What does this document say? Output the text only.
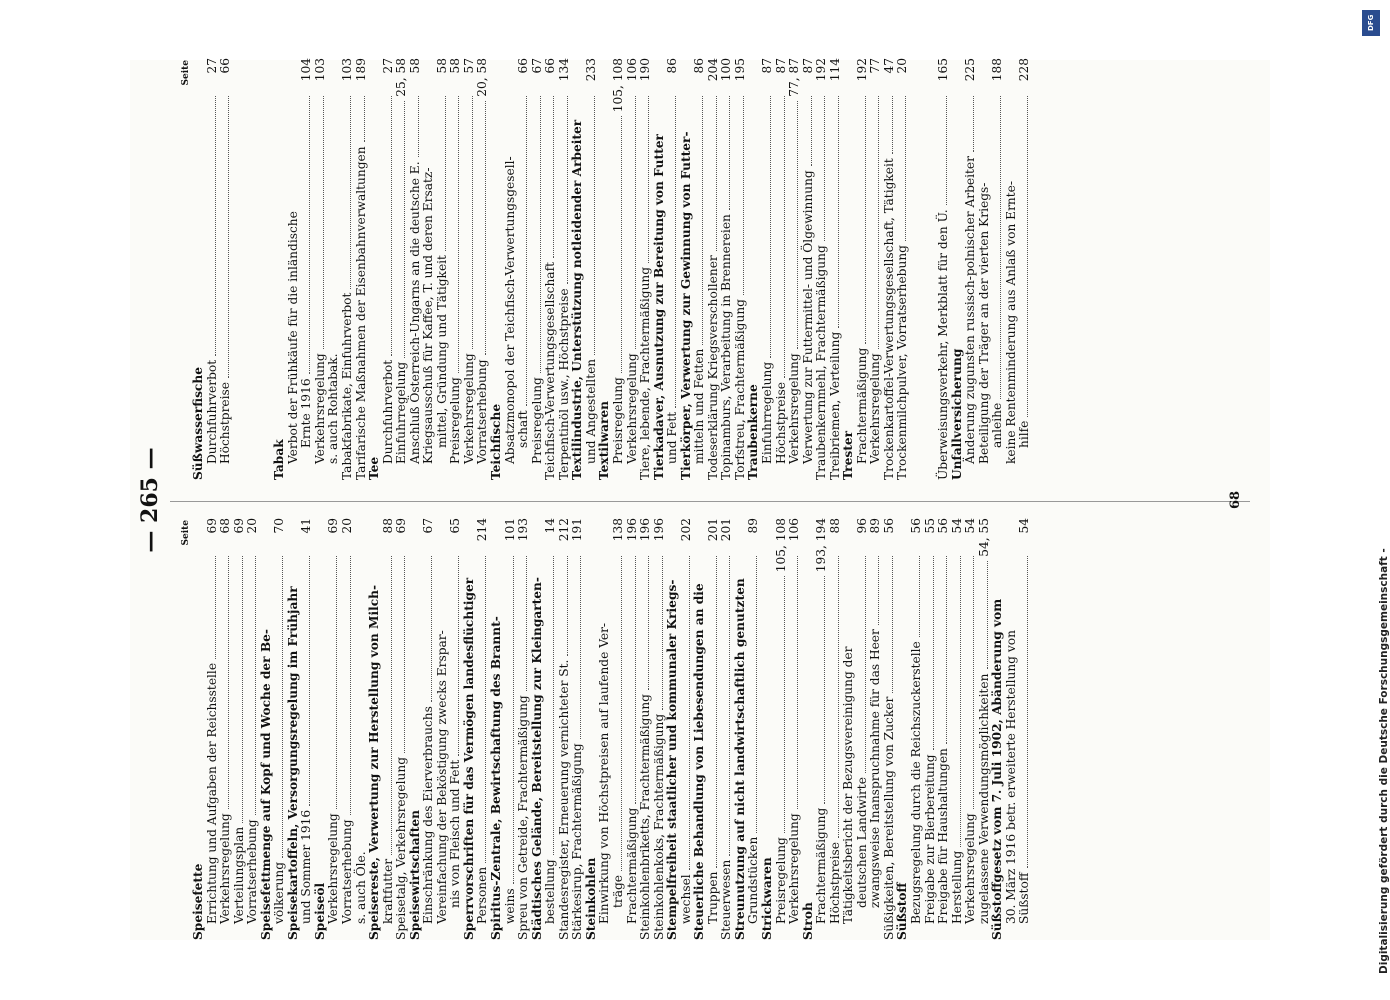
— 265 —	Seite
Speisefette Errichtung und Aufgaben der Reichsstelle
69
Verkehrsregelung
68
Verteilungsplan
69
Vorratserhebung
20
Speisefettmenge auf Kopf und Woche der Be- völkerung
70
Speisekartoffeln, Versorgungsregelung im Frühjahr und Sommer 1916
41
Speiseöl Verkehrsregelung
69
Vorratserhebung
20
s. auch Öle. Speisereste, Verwertung zur Herstellung von Milch- kraftfutter
88
Speisetalg, Verkehrsregelung
69
Speisewirtschaften Einschränkung des Eierverbrauchs
67
Vereinfachung der Beköstigung zwecks Erspar- nis von Fleisch und Fett
65
Sperrvorschriften für das Vermögen landesflüchtiger Personen
214
Spiritus-Zentrale, Bewirtschaftung des Brannt- weins
101
Spreu von Getreide, Frachtermäßigung
193
Städtisches Gelände, Bereitstellung zur Kleingarten- bestellung
14
Standesregister, Erneuerung vernichteter St.
212
Stärkesirup, Frachtermäßigung
191
Steinkohlen Einwirkung von Höchstpreisen auf laufende Ver- träge
138
Frachtermäßigung
196
Steinkohlenbriketts, Frachtermäßigung
196
Steinkohlenkoks, Frachtermäßigung
196
Stempelfreiheit staatlicher und kommunaler Kriegs- wechsel
202
Steuerliche Behandlung von Liebesendungen an die Truppen
201
Steuerwesen
201
Streunutzung auf nicht landwirtschaftlich genutzten Grundstücken
89
Strickwaren Preisregelung
105, 108
Verkehrsregelung
106
Stroh Frachtermäßigung
193, 194
Höchstpreise
88
Tätigkeitsbericht der Bezugsvereinigung der deutschen Landwirte
96
zwangsweise Inanspruchnahme für das Heer
89
Süßigkeiten, Bereitstellung von Zucker
56
Süßstoff Bezugsregelung durch die Reichszuckerstelle
56
Freigabe zur Bierbereitung
55
Freigabe für Haushaltungen
56
Herstellung
54
Verkehrsregelung
54
zugelassene Verwendungsmöglichkeiten
54, 55
Süßstoffgesetz vom 7. Juli 1902, Abänderung vom 30. März 1916 betr. erweiterte Herstellung von Süßstoff
54
Seite
Süßwasserfische Durchfuhrverbot
27
Höchstpreise
66
Tabak Verbot der Frühkäufe für die inländische Ernte 1916
104
Verkehrsregelung
103
s. auch Rohtabak. Tabakfabrikate, Einfuhrverbot
103
Tarifarische Maßnahmen der Eisenbahnverwaltungen
189
Tee
Durchfuhrverbot
27
Einfuhrregelung
25, 58
Anschluß Österreich-Ungarns an die deutsche E.
58
Kriegsausschuß für Kaffee, T. und deren Ersatz- mittel, Gründung und Tätigkeit
58
Preisregelung
58
Verkehrsregelung
57
Vorratserhebung
20, 58
Teichfische Absatzmonopol der Teichfisch-Verwertungsgesell- schaft
66
Preisregelung
67
Teichfisch-Verwertungsgesellschaft
66
Terpentinöl usw., Höchstpreise
134
Textilindustrie, Unterstützung notleidender Arbeiter und Angestellten
233
Textilwaren Preisregelung
105, 108
Verkehrsregelung
106
Tiere, lebende, Frachtermäßigung
190
Tierkadaver, Ausnutzung zur Bereitung von Futter und Fett
86
Tierkörper, Verwertung zur Gewinnung von Futter- mitteln und Fetten
86
Todeserklärung Kriegsverschollener
204
Topinamburs, Verarbeitung in Brennereien
100
Torfstreu, Frachtermäßigung
195
Traubenkerne Einfuhrregelung
87
Höchstpreise
87
Verkehrsregelung
77, 87
Verwertung zur Futtermittel- und Ölgewinnung
87
Traubenkernmehl, Frachtermäßigung
192
Treibriemen, Verteilung
114
Trester Frachtermäßigung
192
Verkehrsregelung
77
Trockenkartoffel-Verwertungsgesellschaft, Tätigkeit
47
Trockenmilchpulver, Vorratserhebung
20
Überweisungsverkehr, Merkblatt für den Ü.
165
Unfallversicherung Änderung zugunsten russisch-polnischer Arbeiter
225
Beteiligung der Träger an der vierten Kriegs- anleihe
188
keine Rentenminderung aus Anlaß von Ernte- hilfe
228
68
Digitalisierung gefördert durch die Deutsche Forschungsgemeinschaft -
DFG
